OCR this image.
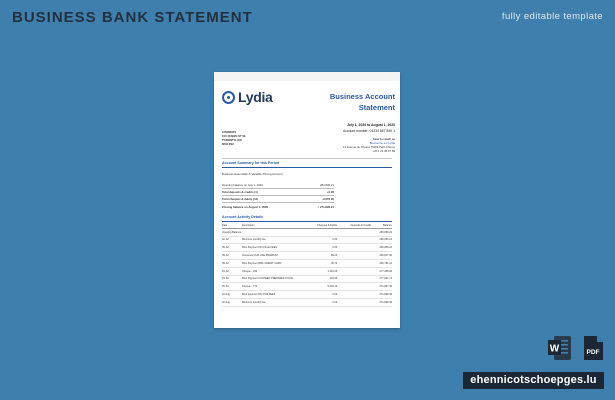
BUSINESS BANK STATEMENT	fully editable template
Lydia	Business Account
Statement
July 1, 2020 to August 1, 2020
Account number: 01234 667 890 1
How to reach us
Bienvenue sur Lydia
14 Avenue de l'Opera 75001 Paris France
+33 1 23 45 67 89
CORNERS
100 QUEEN ST W.
TORONTO, ON
M5H 2N2
Account Summary for this Period
Business Essentials ® Variable Pricing Account
Opening balance on July 1, 2020	280,836.21
Total deposits & credits (1)	+0.00
Total cheques & debits (10)	-9,007.00
Closing balance on August 1, 2020	= 271,828.21
Account Activity Details
Date	Description	Cheques & Debits	Deposits & Credits	Balance
Opening Balance				280,836.22
02 Jul	Minimum monthly fee	0.00		280,836.22
06 Jul	Misc Payment PAYVILLE FEES	0.00		280,836.22
09 Jul	Insurance CUR LIFE PREMIUM	89.20		280,817.66
09 Jul	Misc Payment RBC CREDIT CARD	36.74		280,781.10
16 Jul	Cheque - 292	1,281.69		277,288.66
19 Jul	Misc Payment CANTEEN PREPARED HOUR	116.65		277,821.74
25 Jul	Cheque - 774	5,603.10		271,867.36
01 Aug	Misc payment PAY PLB FEES	2.00		271,828.36
02 Aug	Minimum monthly fee	0.00		271,828.36
W	PDF
ehennicotschoepges.lu
